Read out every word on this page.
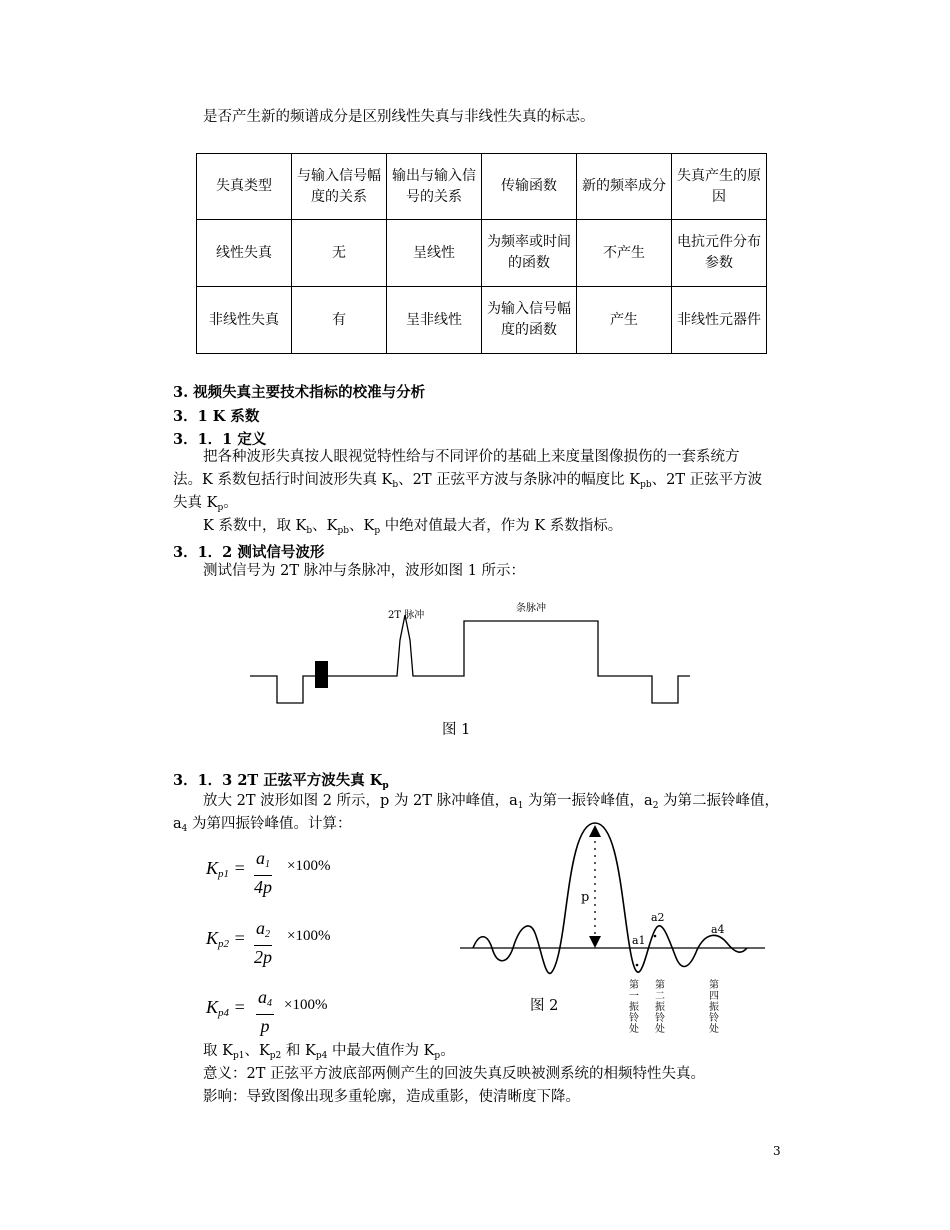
是否产生新的频谱成分是区别线性失真与非线性失真的标志。
失真类型	与输入信号幅度的关系	输出与输入信号的关系	传输函数	新的频率成分	失真产生的原因
线性失真	无	呈线性	为频率或时间的函数	不产生	电抗元件分布参数
非线性失真	有	呈非线性	为输入信号幅度的函数	产生	非线性元器件
3. 视频失真主要技术指标的校准与分析
3．1 K 系数
3．1．1 定义
把各种波形失真按人眼视觉特性给与不同评价的基础上来度量图像损伤的一套系统方
法。K 系数包括行时间波形失真 $K_b$、2T 正弦平方波与条脉冲的幅度比 $K_{pb}$、2T 正弦平方波
失真 $K_p$。
K 系数中，取 $K_b$、$K_{pb}$、$K_p$ 中绝对值最大者，作为 K 系数指标。
3．1．2 测试信号波形
测试信号为 2T 脉冲与条脉冲，波形如图 1 所示：
2T 脉冲
条脉冲
图 1
3．1．3 2T 正弦平方波失真 $K_p$
放大 2T 波形如图 2 所示，p 为 2T 脉冲峰值，$a_1$ 为第一振铃峰值，$a_2$ 为第二振铃峰值，
$a_4$ 为第四振铃峰值。计算：
$K_{p1} = \frac{a_1}{4p} \times 100\%$
$K_{p2} = \frac{a_2}{2p} \times 100\%$
$K_{p4} = \frac{a_4}{p} \times 100\%$
p
a1
a2
a4
第一振铃处 第二振铃处	第四振铃处
图 2
取 $K_{p1}$、$K_{p2}$ 和 $K_{p4}$ 中最大值作为 $K_p$。
意义：2T 正弦平方波底部两侧产生的回波失真反映被测系统的相频特性失真。
影响：导致图像出现多重轮廓，造成重影，使清晰度下降。
3
